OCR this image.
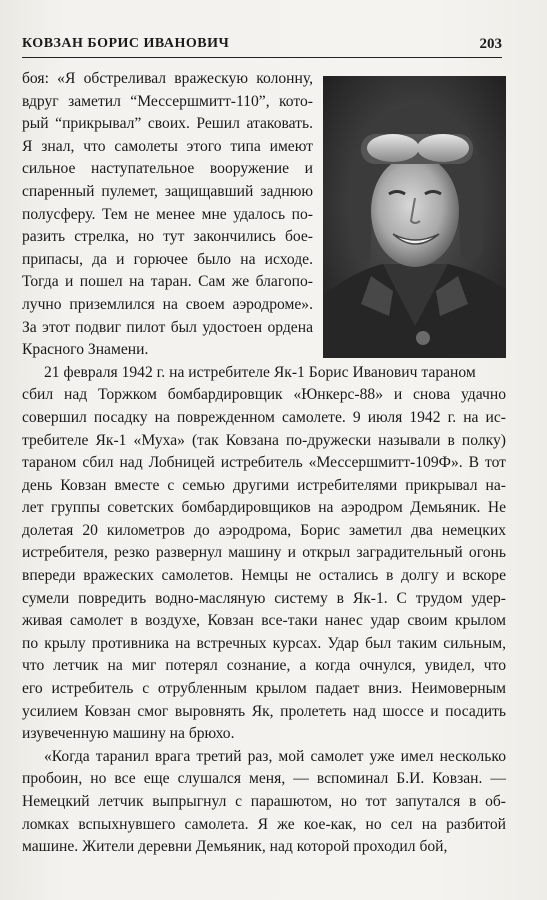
КОВЗАН БОРИС ИВАНОВИЧ	203

боя: «Я обстреливал вражескую колонну,
вдруг заметил “Мессершмитт-110”, кото-
рый “прикрывал” своих. Решил атаковать.
Я знал, что самолеты этого типа имеют
сильное наступательное вооружение и
спаренный пулемет, защищавший заднюю
полусферу. Тем не менее мне удалось по-
разить стрелка, но тут закончились бое-
припасы, да и горючее было на исходе.
Тогда и пошел на таран. Сам же благопо-
лучно приземлился на своем аэродроме».
За этот подвиг пилот был удостоен ордена
Красного Знамени.

21 февраля 1942 г. на истребителе Як-1 Борис Иванович тараном
сбил над Торжком бомбардировщик «Юнкерс-88» и снова удачно
совершил посадку на поврежденном самолете. 9 июля 1942 г. на ис-
требителе Як-1 «Муха» (так Ковзана по-дружески называли в полку)
тараном сбил над Лобницей истребитель «Мессершмитт-109Ф». В тот
день Ковзан вместе с семью другими истребителями прикрывал на-
лет группы советских бомбардировщиков на аэродром Демьяник. Не
долетая 20 километров до аэродрома, Борис заметил два немецких
истребителя, резко развернул машину и открыл заградительный огонь
впереди вражеских самолетов. Немцы не остались в долгу и вскоре
сумели повредить водно-масляную систему в Як-1. С трудом удер-
живая самолет в воздухе, Ковзан все-таки нанес удар своим крылом
по крылу противника на встречных курсах. Удар был таким сильным,
что летчик на миг потерял сознание, а когда очнулся, увидел, что
его истребитель с отрубленным крылом падает вниз. Неимоверным
усилием Ковзан смог выровнять Як, пролететь над шоссе и посадить
изувеченную машину на брюхо.

«Когда таранил врага третий раз, мой самолет уже имел несколько
пробоин, но все еще слушался меня, — вспоминал Б.И. Ковзан. —
Немецкий летчик выпрыгнул с парашютом, но тот запутался в об-
ломках вспыхнувшего самолета. Я же кое-как, но сел на разбитой
машине. Жители деревни Демьяник, над которой проходил бой,
